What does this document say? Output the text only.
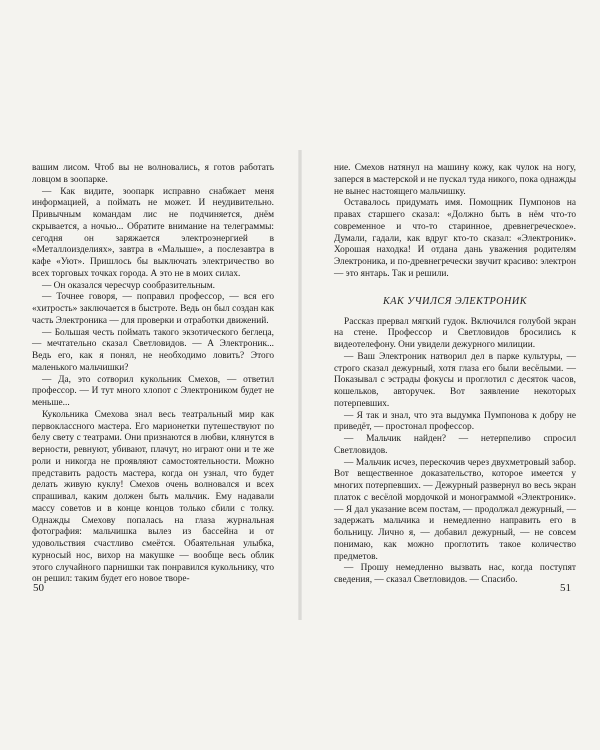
вашим лисом. Чтоб вы не волновались, я готов работать ловцом в зоопарке.

— Как видите, зоопарк исправно снабжает меня информацией, а поймать не может. И неудивительно. Привычным командам лис не подчиняется, днём скрывается, а ночью... Обратите внимание на телеграммы: сегодня он заряжается электроэнергией в «Металлоизделиях», завтра в «Малыше», а послезавтра в кафе «Уют». Пришлось бы выключать электричество во всех торговых точках города. А это не в моих силах.

— Он оказался чересчур сообразительным.

— Точнее говоря, — поправил профессор, — вся его «хитрость» заключается в быстроте. Ведь он был создан как часть Электроника — для проверки и отработки движений.

— Большая честь поймать такого экзотического беглеца, — мечтательно сказал Светловидов. — А Электроник... Ведь его, как я понял, не необходимо ловить? Этого маленького мальчишки?

— Да, это сотворил кукольник Смехов, — ответил профессор. — И тут много хлопот с Электроником будет не меньше...

Кукольника Смехова знал весь театральный мир как первоклассного мастера. Его марионетки путешествуют по белу свету с театрами. Они признаются в любви, клянутся в верности, ревнуют, убивают, плачут, но играют они и те же роли и никогда не проявляют самостоятельности. Можно представить радость мастера, когда он узнал, что будет делать живую куклу! Смехов очень волновался и всех спрашивал, каким должен быть мальчик. Ему надавали массу советов и в конце концов только сбили с толку. Однажды Смехову попалась на глаза журнальная фотография: мальчишка вылез из бассейна и от удовольствия счастливо смеётся. Обаятельная улыбка, курносый нос, вихор на макушке — вообще весь облик этого случайного парнишки так понравился кукольнику, что он решил: таким будет его новое творе-

50

ние. Смехов натянул на машину кожу, как чулок на ногу, заперся в мастерской и не пускал туда никого, пока однажды не вынес настоящего мальчишку.

Оставалось придумать имя. Помощник Пумпонов на правах старшего сказал: «Должно быть в нём что-то современное и что-то старинное, древнегреческое». Думали, гадали, как вдруг кто-то сказал: «Электроник». Хорошая находка! И отдана дань уважения родителям Электроника, и по-древнегречески звучит красиво: электрон — это янтарь. Так и решили.

КАК УЧИЛСЯ ЭЛЕКТРОНИК

Рассказ прервал мягкий гудок. Включился голубой экран на стене. Профессор и Светловидов бросились к видеотелефону. Они увидели дежурного милиции.

— Ваш Электроник натворил дел в парке культуры, — строго сказал дежурный, хотя глаза его были весёлыми. — Показывал с эстрады фокусы и проглотил с десяток часов, кошельков, авторучек. Вот заявление некоторых потерпевших.

— Я так и знал, что эта выдумка Пумпонова к добру не приведёт, — простонал профессор.

— Мальчик найден? — нетерпеливо спросил Светловидов.

— Мальчик исчез, перескочив через двухметровый забор. Вот вещественное доказательство, которое имеется у многих потерпевших. — Дежурный развернул во весь экран платок с весёлой мордочкой и монограммой «Электроник». — Я дал указание всем постам, — продолжал дежурный, — задержать мальчика и немедленно направить его в больницу. Лично я, — добавил дежурный, — не совсем понимаю, как можно проглотить такое количество предметов.

— Прошу немедленно вызвать нас, когда поступят сведения, — сказал Светловидов. — Спасибо.

51
